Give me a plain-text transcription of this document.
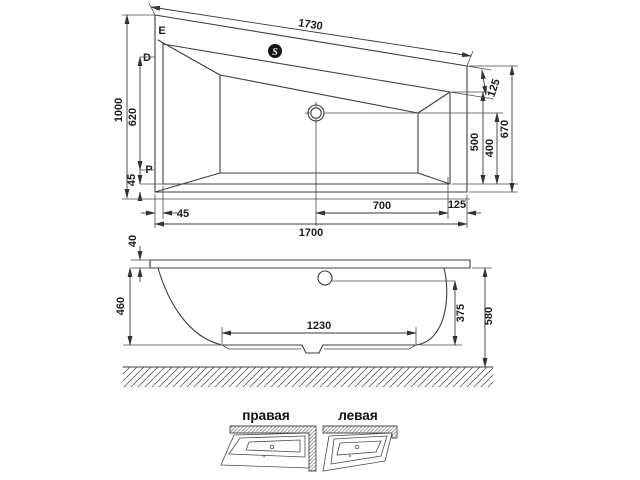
S
E
D
P
1730
1000 620
45
45
700	125
1700
125
500 400
670
40
460
1230
375 580
правая	левая
